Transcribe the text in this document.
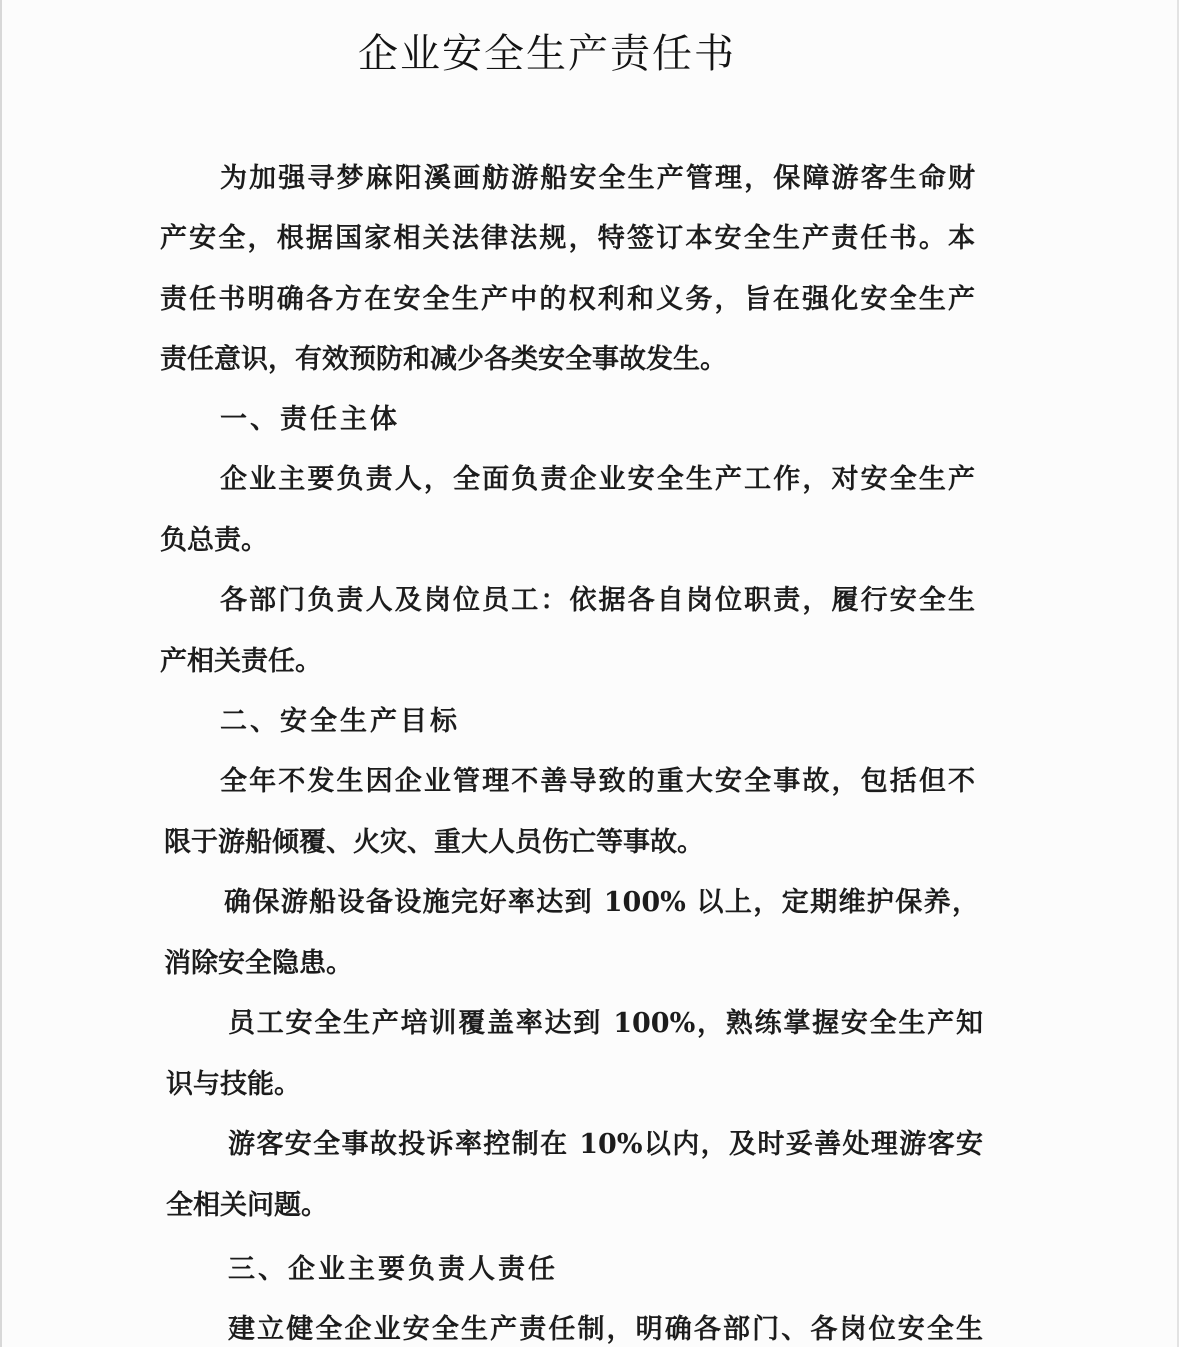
企业安全生产责任书

为加强寻梦麻阳溪画舫游船安全生产管理，保障游客生命财

产安全，根据国家相关法律法规，特签订本安全生产责任书。本

责任书明确各方在安全生产中的权利和义务，旨在强化安全生产

责任意识，有效预防和减少各类安全事故发生。

一、责任主体

企业主要负责人，全面负责企业安全生产工作，对安全生产

负总责。

各部门负责人及岗位员工：依据各自岗位职责，履行安全生

产相关责任。

二、安全生产目标

全年不发生因企业管理不善导致的重大安全事故，包括但不

限于游船倾覆、火灾、重大人员伤亡等事故。

确保游船设备设施完好率达到 100% 以上，定期维护保养，

消除安全隐患。

员工安全生产培训覆盖率达到 100%，熟练掌握安全生产知

识与技能。

游客安全事故投诉率控制在 10%以内，及时妥善处理游客安

全相关问题。

三、企业主要负责人责任

建立健全企业安全生产责任制，明确各部门、各岗位安全生
